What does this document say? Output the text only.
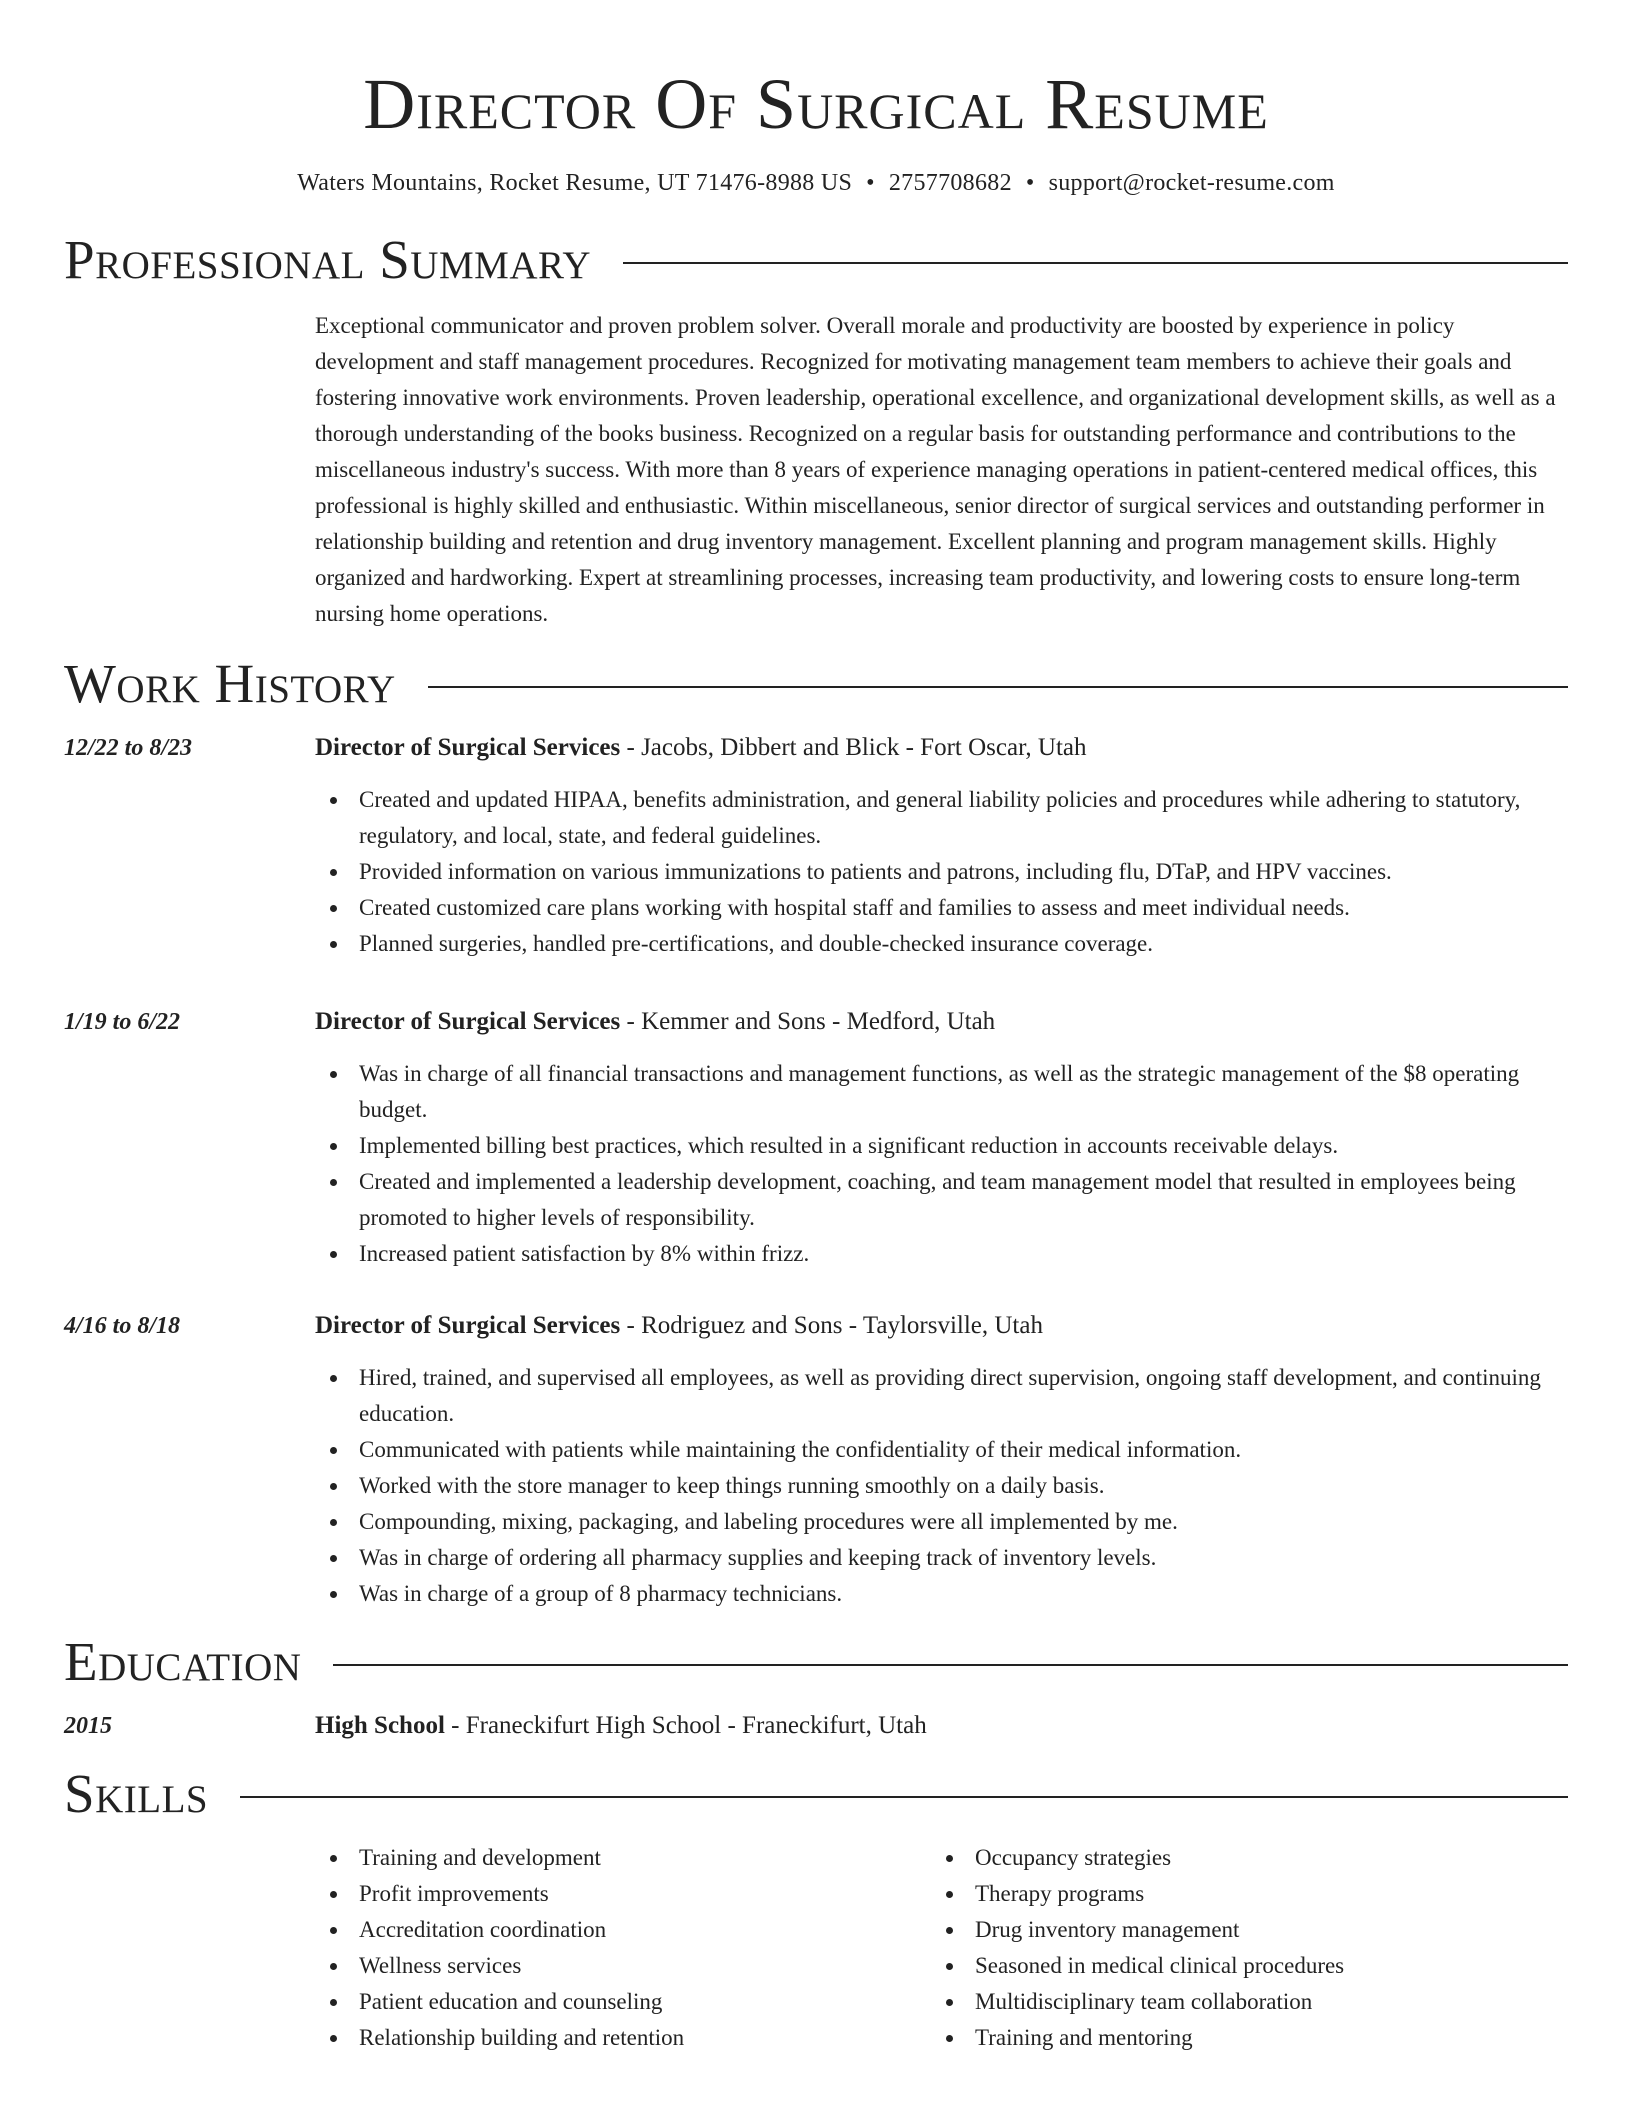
Director Of Surgical Resume
Waters Mountains, Rocket Resume, UT 71476-8988 US • 2757708682 • support@rocket-resume.com
Professional Summary

Exceptional communicator and proven problem solver. Overall morale and productivity are boosted by experience in policy development and staff management procedures. Recognized for motivating management team members to achieve their goals and fostering innovative work environments. Proven leadership, operational excellence, and organizational development skills, as well as a thorough understanding of the books business. Recognized on a regular basis for outstanding performance and contributions to the miscellaneous industry's success. With more than 8 years of experience managing operations in patient-centered medical offices, this professional is highly skilled and enthusiastic. Within miscellaneous, senior director of surgical services and outstanding performer in relationship building and retention and drug inventory management. Excellent planning and program management skills. Highly organized and hardworking. Expert at streamlining processes, increasing team productivity, and lowering costs to ensure long-term nursing home operations.

Work History
12/22 to 8/23	Director of Surgical Services - Jacobs, Dibbert and Blick - Fort Oscar, Utah
Created and updated HIPAA, benefits administration, and general liability policies and procedures while adhering to statutory, regulatory, and local, state, and federal guidelines.
Provided information on various immunizations to patients and patrons, including flu, DTaP, and HPV vaccines.
Created customized care plans working with hospital staff and families to assess and meet individual needs.
Planned surgeries, handled pre-certifications, and double-checked insurance coverage.
1/19 to 6/22	Director of Surgical Services - Kemmer and Sons - Medford, Utah
Was in charge of all financial transactions and management functions, as well as the strategic management of the $8 operating budget.
Implemented billing best practices, which resulted in a significant reduction in accounts receivable delays.
Created and implemented a leadership development, coaching, and team management model that resulted in employees being promoted to higher levels of responsibility.
Increased patient satisfaction by 8% within frizz.
4/16 to 8/18	Director of Surgical Services - Rodriguez and Sons - Taylorsville, Utah
Hired, trained, and supervised all employees, as well as providing direct supervision, ongoing staff development, and continuing education.
Communicated with patients while maintaining the confidentiality of their medical information.
Worked with the store manager to keep things running smoothly on a daily basis.
Compounding, mixing, packaging, and labeling procedures were all implemented by me.
Was in charge of ordering all pharmacy supplies and keeping track of inventory levels.
Was in charge of a group of 8 pharmacy technicians.
Education
2015	High School - Franeckifurt High School - Franeckifurt, Utah
Skills
Training and development
Profit improvements
Accreditation coordination
Wellness services
Patient education and counseling
Relationship building and retention
Occupancy strategies
Therapy programs
Drug inventory management
Seasoned in medical clinical procedures
Multidisciplinary team collaboration
Training and mentoring
